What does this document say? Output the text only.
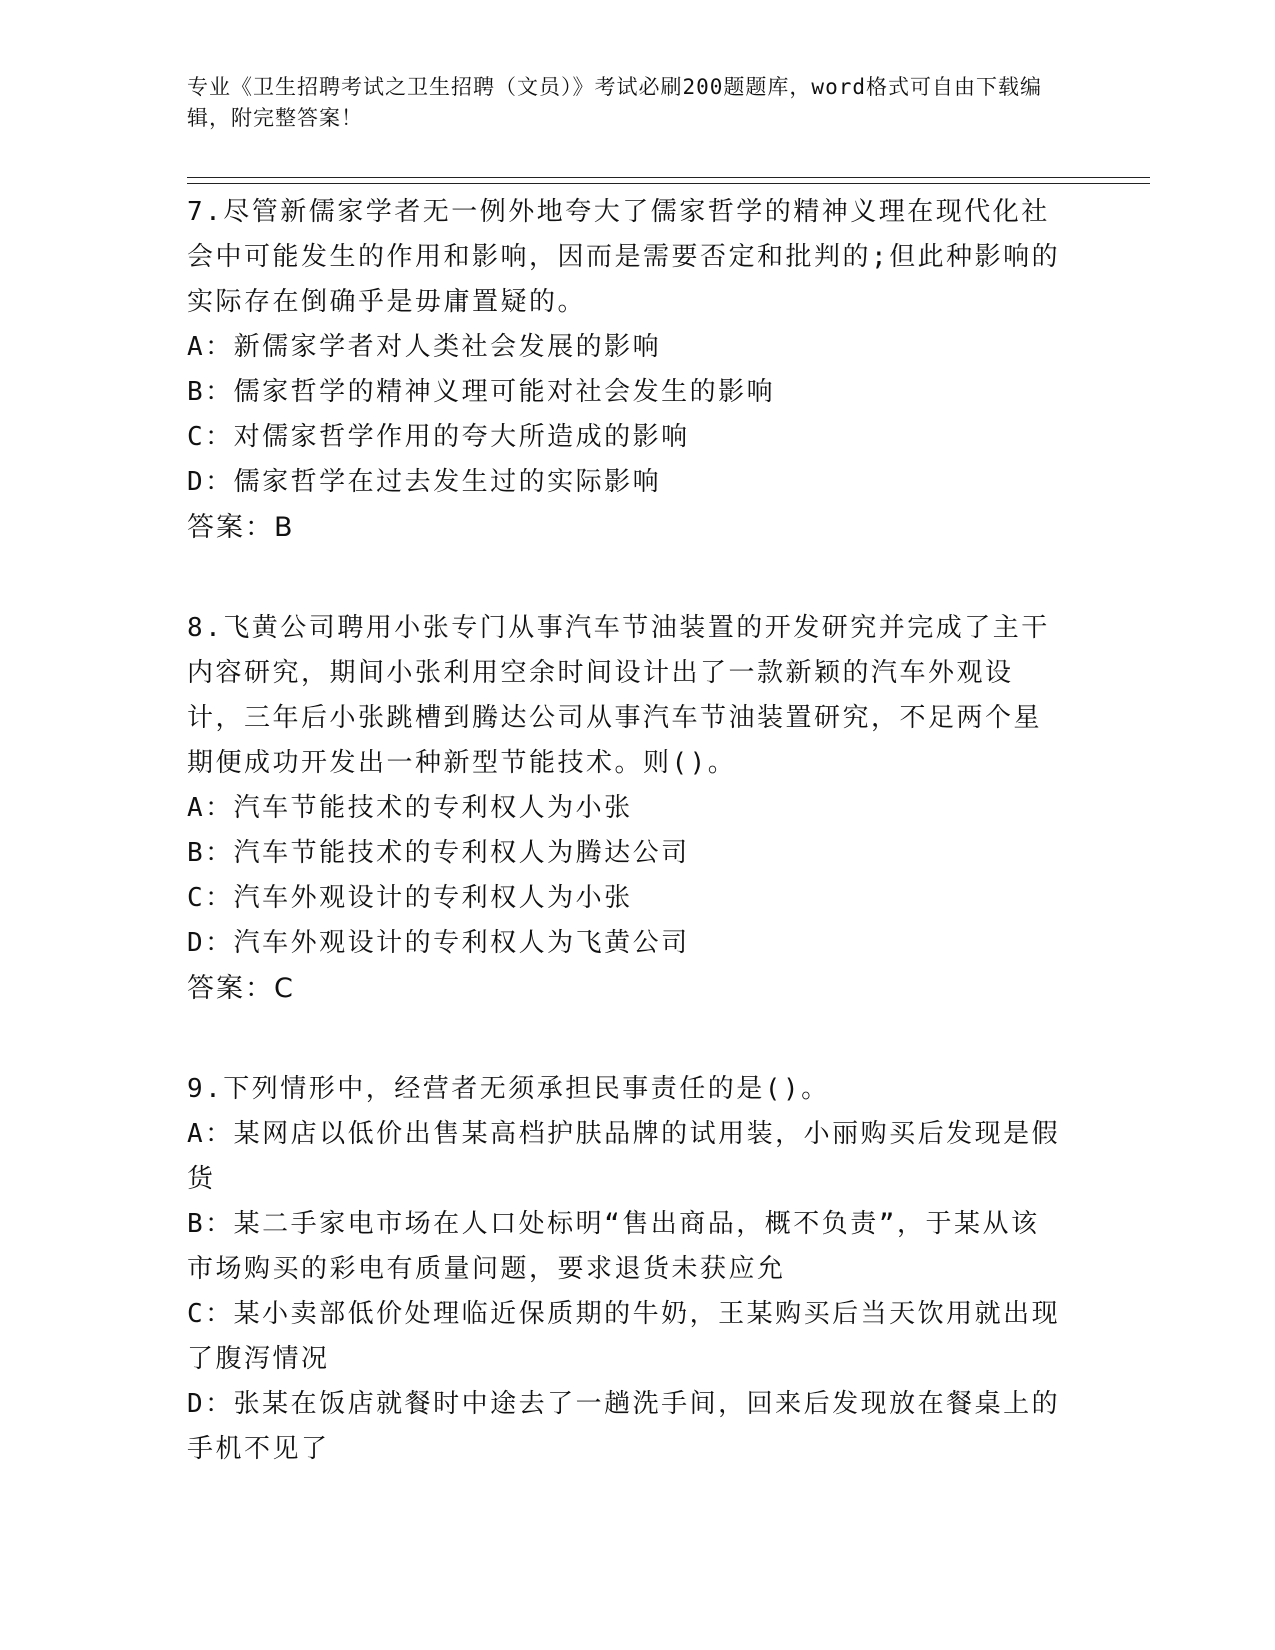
专业《卫生招聘考试之卫生招聘（文员）》考试必刷200题题库，word格式可自由下载编辑，附完整答案！

7.尽管新儒家学者无一例外地夸大了儒家哲学的精神义理在现代化社会中可能发生的作用和影响，因而是需要否定和批判的;但此种影响的实际存在倒确乎是毋庸置疑的。

A：新儒家学者对人类社会发展的影响

B：儒家哲学的精神义理可能对社会发生的影响

C：对儒家哲学作用的夸大所造成的影响

D：儒家哲学在过去发生过的实际影响

答案：B

8.飞黄公司聘用小张专门从事汽车节油装置的开发研究并完成了主干内容研究，期间小张利用空余时间设计出了一款新颖的汽车外观设计，三年后小张跳槽到腾达公司从事汽车节油装置研究，不足两个星期便成功开发出一种新型节能技术。则()。

A：汽车节能技术的专利权人为小张

B：汽车节能技术的专利权人为腾达公司

C：汽车外观设计的专利权人为小张

D：汽车外观设计的专利权人为飞黄公司

答案：C

9.下列情形中，经营者无须承担民事责任的是()。

A：某网店以低价出售某高档护肤品牌的试用装，小丽购买后发现是假货

B：某二手家电市场在人口处标明“售出商品，概不负责”，于某从该市场购买的彩电有质量问题，要求退货未获应允

C：某小卖部低价处理临近保质期的牛奶，王某购买后当天饮用就出现了腹泻情况

D：张某在饭店就餐时中途去了一趟洗手间，回来后发现放在餐桌上的手机不见了
